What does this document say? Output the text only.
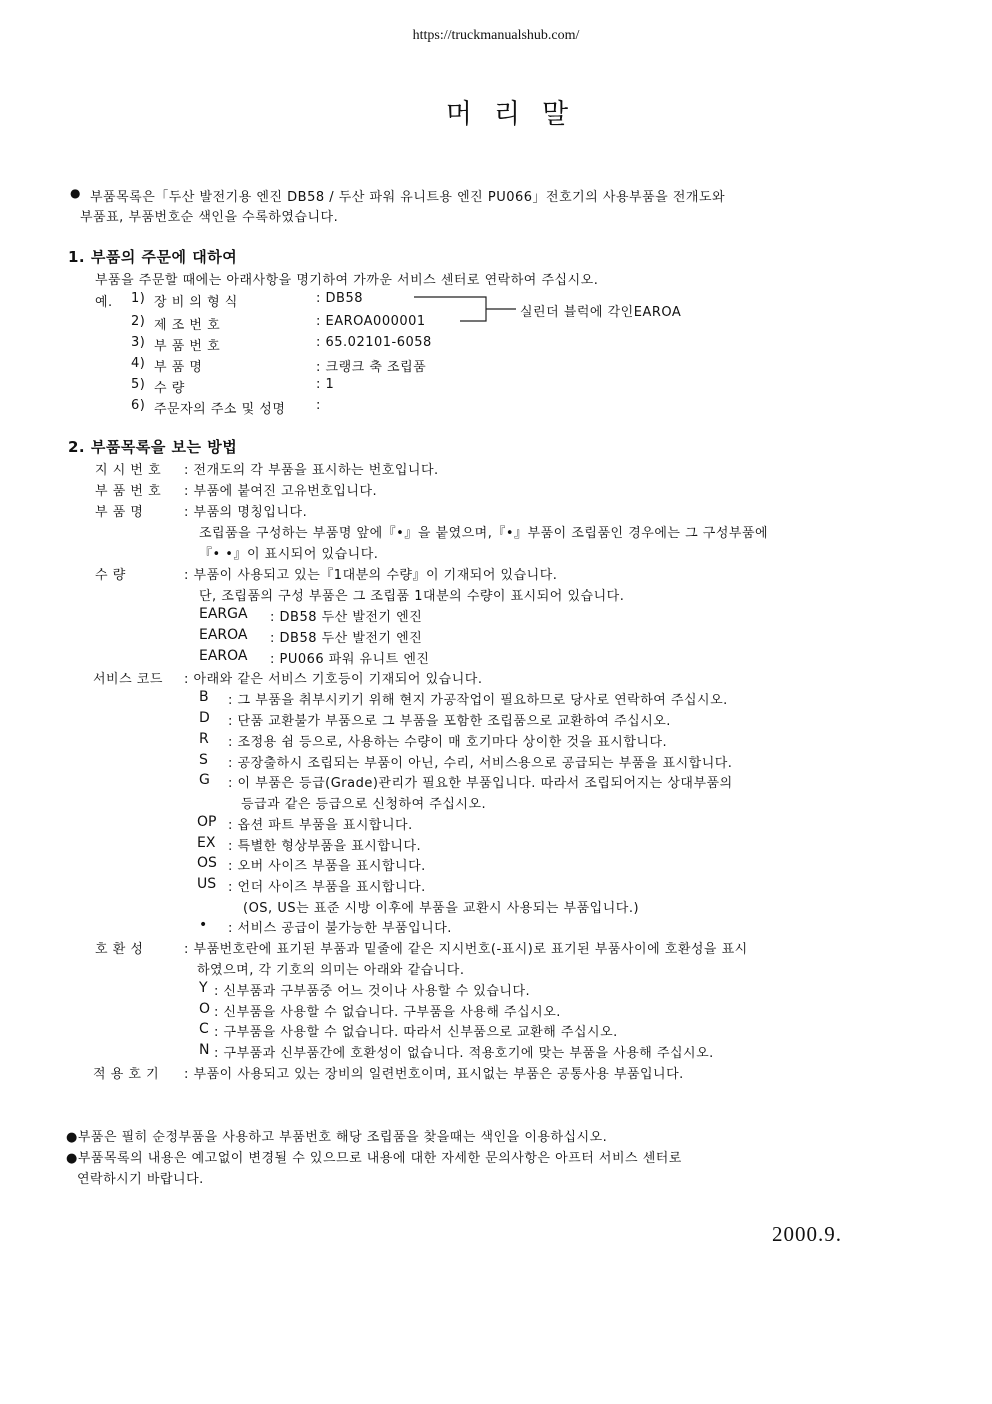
https://truckmanualshub.com/
머리말
● 부품목록은「두산 발전기용 엔진 DB58 / 두산 파워 유니트용 엔진 PU066」전호기의 사용부품을 전개도와
부품표, 부품번호순 색인을 수록하였습니다.
1. 부품의 주문에 대하여
부품을 주문할 때에는 아래사항을 명기하여 가까운 서비스 센터로 연락하여 주십시오.
예. 1) 장 비 의 형 식	: DB58
2) 제 조 번 호	: EAROA000001
3) 부 품 번 호	: 65.02101-6058
4) 부 품 명	: 크랭크 축 조립품
5) 수 량	: 1
6) 주문자의 주소 및 성명 :
실린더 블럭에 각인EAROA
2. 부품목록을 보는 방법
지 시 번 호 : 전개도의 각 부품을 표시하는 번호입니다.
부 품 번 호 : 부품에 붙여진 고유번호입니다.
부 품 명	: 부품의 명칭입니다.
조립품을 구성하는 부품명 앞에『•』을 붙였으며,『•』부품이 조립품인 경우에는 그 구성부품에
『• •』이 표시되어 있습니다.
수 량	: 부품이 사용되고 있는『1대분의 수량』이 기재되어 있습니다.
단, 조립품의 구성 부품은 그 조립품 1대분의 수량이 표시되어 있습니다.
EARGA : DB58 두산 발전기 엔진
EAROA : DB58 두산 발전기 엔진
EAROA : PU066 파워 유니트 엔진
서비스 코드 : 아래와 같은 서비스 기호등이 기재되어 있습니다.
B : 그 부품을 취부시키기 위해 현지 가공작업이 필요하므로 당사로 연락하여 주십시오.
D : 단품 교환불가 부품으로 그 부품을 포함한 조립품으로 교환하여 주십시오.
R : 조정용 쉼 등으로, 사용하는 수량이 매 호기마다 상이한 것을 표시합니다.
S : 공장출하시 조립되는 부품이 아닌, 수리, 서비스용으로 공급되는 부품을 표시합니다.
G : 이 부품은 등급(Grade)관리가 필요한 부품입니다. 따라서 조립되어지는 상대부품의
등급과 같은 등급으로 신청하여 주십시오.
OP : 옵션 파트 부품을 표시합니다.
EX : 특별한 형상부품을 표시합니다.
OS : 오버 사이즈 부품을 표시합니다.
US : 언더 사이즈 부품을 표시합니다.
(OS, US는 표준 시방 이후에 부품을 교환시 사용되는 부품입니다.)
• : 서비스 공급이 불가능한 부품입니다.
호 환 성	: 부품번호란에 표기된 부품과 밑줄에 같은 지시번호(-표시)로 표기된 부품사이에 호환성을 표시
하였으며, 각 기호의 의미는 아래와 같습니다.
Y : 신부품과 구부품중 어느 것이나 사용할 수 있습니다.
O : 신부품을 사용할 수 없습니다. 구부품을 사용해 주십시오.
C : 구부품을 사용할 수 없습니다. 따라서 신부품으로 교환해 주십시오.
N : 구부품과 신부품간에 호환성이 없습니다. 적용호기에 맞는 부품을 사용해 주십시오.
적 용 호 기 : 부품이 사용되고 있는 장비의 일련번호이며, 표시없는 부품은 공통사용 부품입니다.
●부품은 필히 순정부품을 사용하고 부품번호 해당 조립품을 찾을때는 색인을 이용하십시오.
●부품목록의 내용은 예고없이 변경될 수 있으므로 내용에 대한 자세한 문의사항은 아프터 서비스 센터로
연락하시기 바랍니다.
2000.9.
